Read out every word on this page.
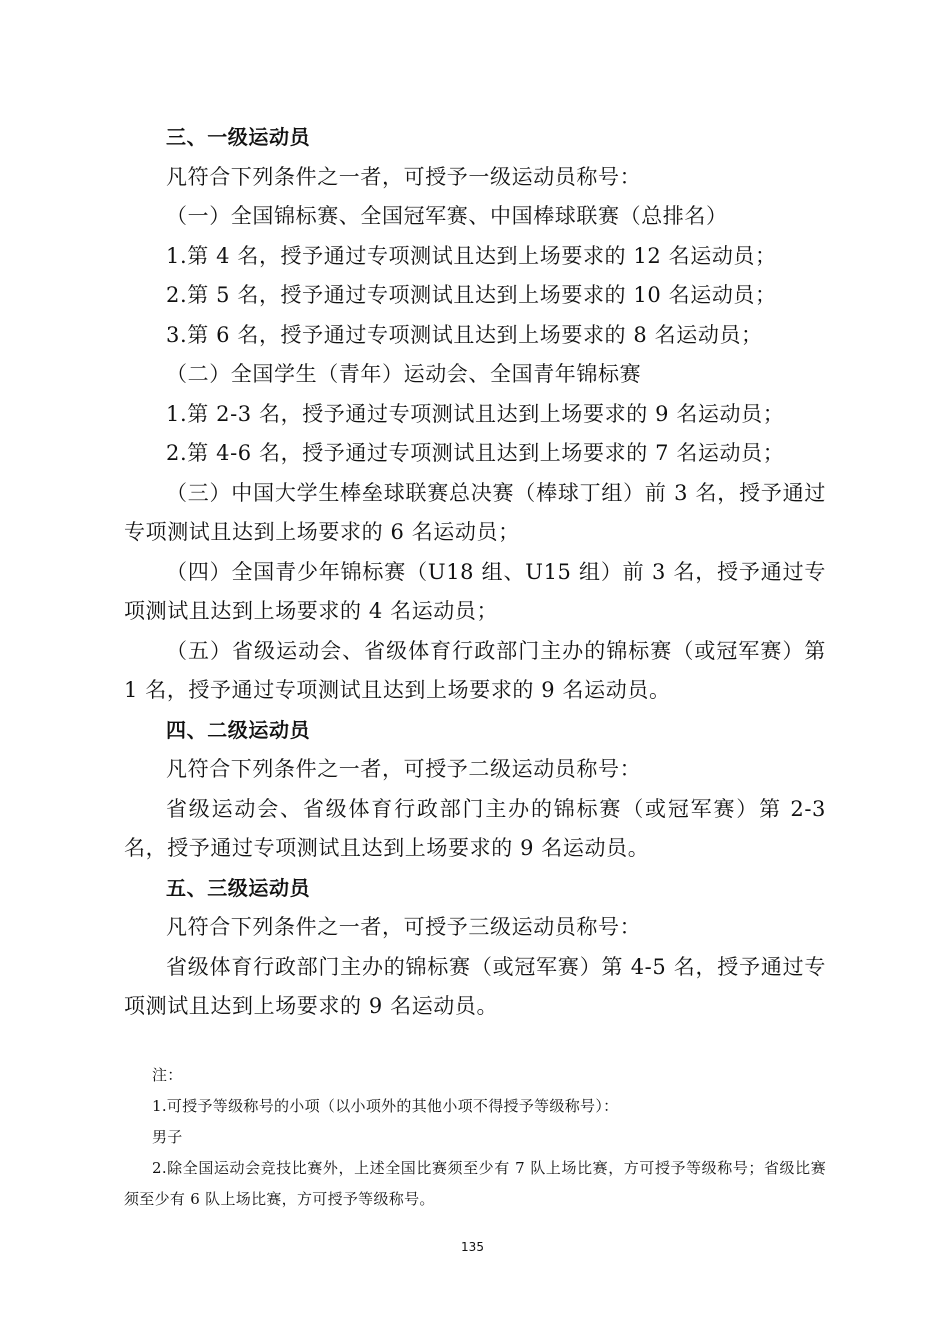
三、一级运动员

凡符合下列条件之一者，可授予一级运动员称号：

（一）全国锦标赛、全国冠军赛、中国棒球联赛（总排名）

1.第 4 名，授予通过专项测试且达到上场要求的 12 名运动员；

2.第 5 名，授予通过专项测试且达到上场要求的 10 名运动员；

3.第 6 名，授予通过专项测试且达到上场要求的 8 名运动员；

（二）全国学生（青年）运动会、全国青年锦标赛

1.第 2-3 名，授予通过专项测试且达到上场要求的 9 名运动员；

2.第 4-6 名，授予通过专项测试且达到上场要求的 7 名运动员；

（三）中国大学生棒垒球联赛总决赛（棒球丁组）前 3 名，授予通过专项测试且达到上场要求的 6 名运动员；

（四）全国青少年锦标赛（U18 组、U15 组）前 3 名，授予通过专项测试且达到上场要求的 4 名运动员；

（五）省级运动会、省级体育行政部门主办的锦标赛（或冠军赛）第 1 名，授予通过专项测试且达到上场要求的 9 名运动员。

四、二级运动员

凡符合下列条件之一者，可授予二级运动员称号：

省级运动会、省级体育行政部门主办的锦标赛（或冠军赛）第 2-3 名，授予通过专项测试且达到上场要求的 9 名运动员。

五、三级运动员

凡符合下列条件之一者，可授予三级运动员称号：

省级体育行政部门主办的锦标赛（或冠军赛）第 4-5 名，授予通过专项测试且达到上场要求的 9 名运动员。

注：

1.可授予等级称号的小项（以小项外的其他小项不得授予等级称号）：

男子

2.除全国运动会竞技比赛外，上述全国比赛须至少有 7 队上场比赛，方可授予等级称号；省级比赛须至少有 6 队上场比赛，方可授予等级称号。

135
